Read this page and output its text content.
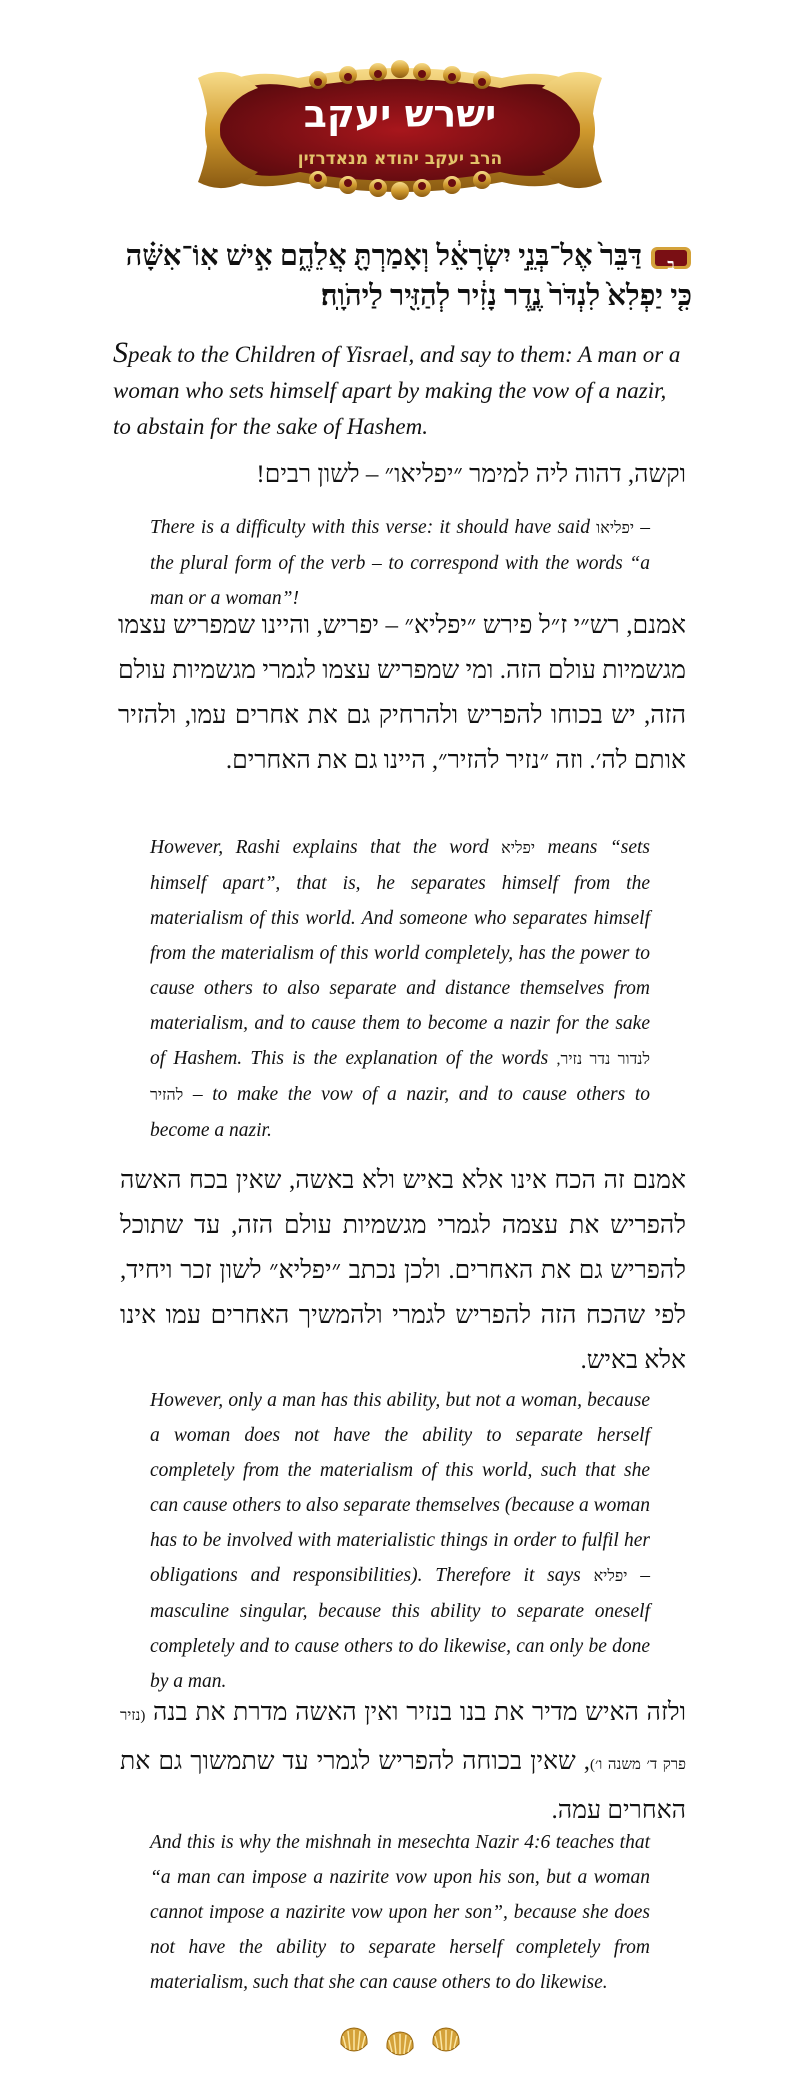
ישרש יעקב
הרב יעקב יהודא מנאדרזין
ב
דַּבֵּר֙ אֶל־בְּנֵ֣י יִשְׂרָאֵ֔ל וְאָמַרְתָּ֖ אֲלֵהֶ֑ם אִ֣ישׁ אֽוֹ־אִשָּׁ֗ה כִּ֤י יַפְלִא֙ לִנְדֹּר֙ נֶ֣דֶר נָזִ֔יר לְהַזִּ֖יר לַיהֹוָֽה׃
Speak to the Children of Yisrael, and say to them: A man or a woman who sets himself apart by making the vow of a nazir, to abstain for the sake of Hashem.
וקשה, דהוה ליה למימר ״יפליאו״ – לשון רבים!
There is a difficulty with this verse: it should have said יפליאו – the plural form of the verb – to correspond with the words “a man or a woman”!
אמנם, רש״י ז״ל פירש ״יפליא״ – יפריש, והיינו שמפריש עצמו מגשמיות עולם הזה. ומי שמפריש עצמו לגמרי מגשמיות עולם הזה, יש בכוחו להפריש ולהרחיק גם את אחרים עמו, ולהזיר אותם לה׳. וזה ״נזיר להזיר״, היינו גם את האחרים.
However, Rashi explains that the word יפליא means “sets himself apart”, that is, he separates himself from the materialism of this world. And someone who separates himself from the materialism of this world completely, has the power to cause others to also separate and distance themselves from materialism, and to cause them to become a nazir for the sake of Hashem. This is the explanation of the words לנדור נדר נזיר, להזיר – to make the vow of a nazir, and to cause others to become a nazir.
אמנם זה הכח אינו אלא באיש ולא באשה, שאין בכח האשה להפריש את עצמה לגמרי מגשמיות עולם הזה, עד שתוכל להפריש גם את האחרים. ולכן נכתב ״יפליא״ לשון זכר ויחיד, לפי שהכח הזה להפריש לגמרי ולהמשיך האחרים עמו אינו אלא באיש.
However, only a man has this ability, but not a woman, because a woman does not have the ability to separate herself completely from the materialism of this world, such that she can cause others to also separate themselves (because a woman has to be involved with materialistic things in order to fulfil her obligations and responsibilities). Therefore it says יפליא – masculine singular, because this ability to separate oneself completely and to cause others to do likewise, can only be done by a man.
ולזה האיש מדיר את בנו בנזיר ואין האשה מדרת את בנה (נזיר פרק ד׳ משנה ו׳), שאין בכוחה להפריש לגמרי עד שתמשוך גם את האחרים עמה.
And this is why the mishnah in mesechta Nazir 4:6 teaches that “a man can impose a nazirite vow upon his son, but a woman cannot impose a nazirite vow upon her son”, because she does not have the ability to separate herself completely from materialism, such that she can cause others to do likewise.
